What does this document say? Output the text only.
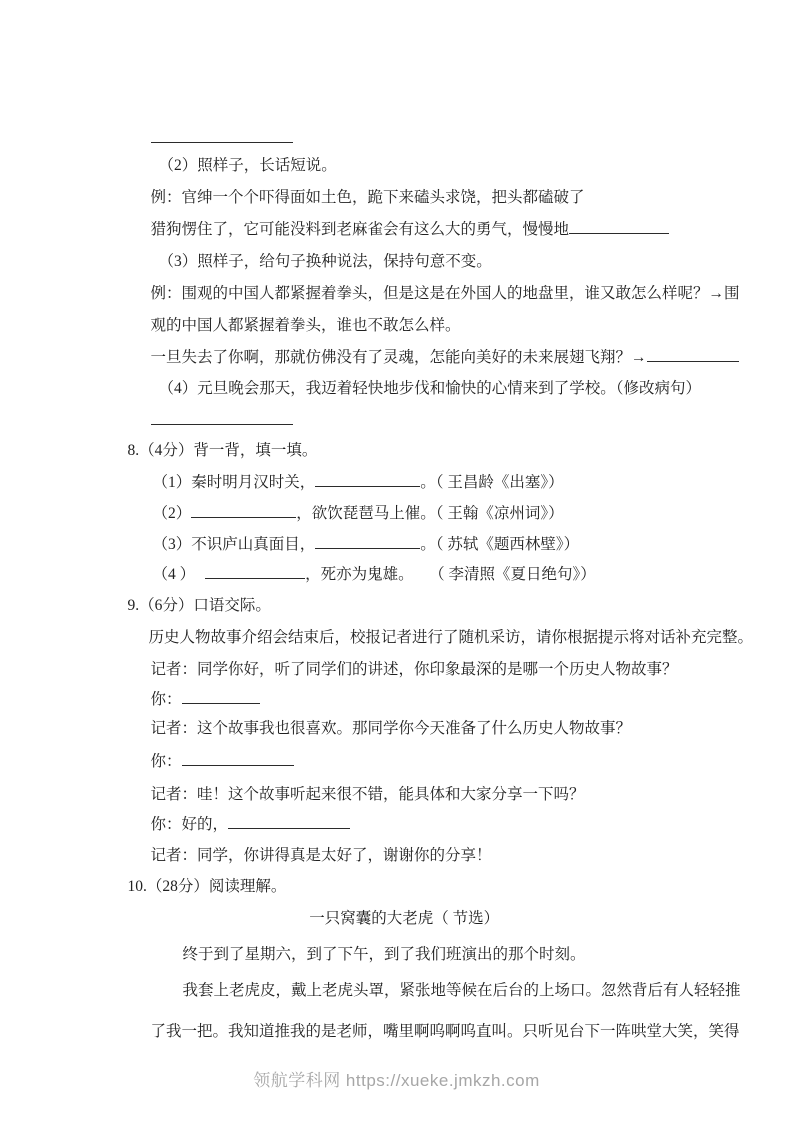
（2）照样子，长话短说。

例：官绅一个个吓得面如土色，跪下来磕头求饶，把头都磕破了

猎狗愣住了，它可能没料到老麻雀会有这么大的勇气，慢慢地

（3）照样子，给句子换种说法，保持句意不变。

例：围观的中国人都紧握着拳头，但是这是在外国人的地盘里，谁又敢怎么样呢？→围

观的中国人都紧握着拳头，谁也不敢怎么样。

一旦失去了你啊，那就仿佛没有了灵魂，怎能向美好的未来展翅飞翔？→

（4）元旦晚会那天，我迈着轻快地步伐和愉快的心情来到了学校。（修改病句）

8.（4分）背一背，填一填。

（1）秦时明月汉时关，	。（ 王昌龄《出塞》）

（2）	，欲饮琵琶马上催。（ 王翰《凉州词》）

（3）不识庐山真面目，	。（ 苏轼《题西林壁》）

（4 ）	，死亦为鬼雄。　　（ 李清照《夏日绝句》）

9.（6分）口语交际。

历史人物故事介绍会结束后，校报记者进行了随机采访，请你根据提示将对话补充完整。

记者：同学你好，听了同学们的讲述，你印象最深的是哪一个历史人物故事？

你：

记者：这个故事我也很喜欢。那同学你今天准备了什么历史人物故事？

你：

记者：哇！这个故事听起来很不错，能具体和大家分享一下吗？

你：好的，

记者：同学，你讲得真是太好了，谢谢你的分享！

10.（28分）阅读理解。

一只窝囊的大老虎（ 节选）

终于到了星期六，到了下午，到了我们班演出的那个时刻。

我套上老虎皮，戴上老虎头罩，紧张地等候在后台的上场口。忽然背后有人轻轻推

了我一把。我知道推我的是老师，嘴里啊呜啊呜直叫。只听见台下一阵哄堂大笑，笑得

领航学科网 https://xueke.jmkzh.com
